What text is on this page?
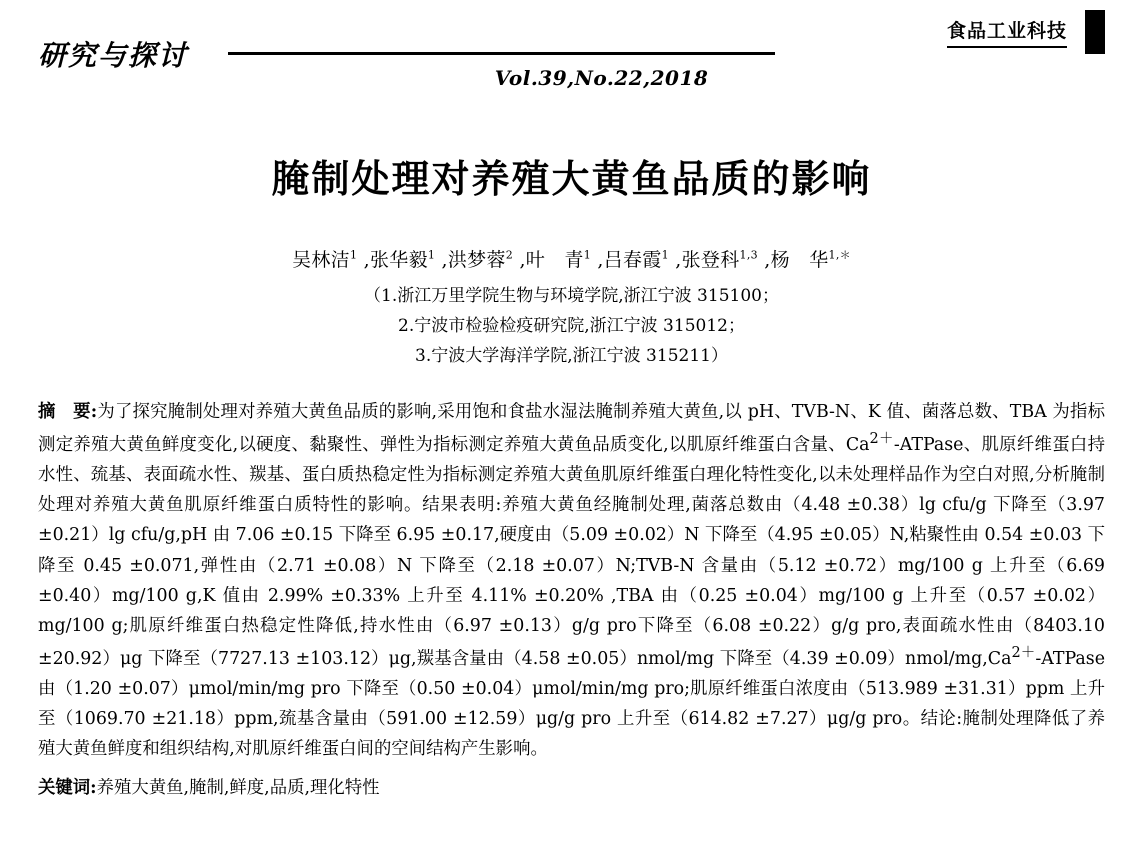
研究与探讨
食品工业科技
Vol.39,No.22,2018
腌制处理对养殖大黄鱼品质的影响
吴林洁$^1$ ,张华毅$^1$ ,洪梦蓉$^2$ ,叶　青$^1$ ,吕春霞$^1$ ,张登科$^{1,3}$ ,杨　华$^{1,*}$
（1.浙江万里学院生物与环境学院,浙江宁波 315100；
2.宁波市检验检疫研究院,浙江宁波 315012；
3.宁波大学海洋学院,浙江宁波 315211）
摘　要:为了探究腌制处理对养殖大黄鱼品质的影响,采用饱和食盐水湿法腌制养殖大黄鱼,以 pH、TVB-N、K 值、菌落总数、TBA 为指标测定养殖大黄鱼鲜度变化,以硬度、黏聚性、弹性为指标测定养殖大黄鱼品质变化,以肌原纤维蛋白含量、$Ca^{2+}$-ATPase、肌原纤维蛋白持水性、巯基、表面疏水性、羰基、蛋白质热稳定性为指标测定养殖大黄鱼肌原纤维蛋白理化特性变化,以未处理样品作为空白对照,分析腌制处理对养殖大黄鱼肌原纤维蛋白质特性的影响。结果表明:养殖大黄鱼经腌制处理,菌落总数由（4.48 ±0.38）lg cfu/g 下降至（3.97 ±0.21）lg cfu/g,pH 由 7.06 ±0.15 下降至 6.95 ±0.17,硬度由（5.09 ±0.02）N 下降至（4.95 ±0.05）N,粘聚性由 0.54 ±0.03 下降至 0.45 ±0.071,弹性由（2.71 ±0.08）N 下降至（2.18 ±0.07）N;TVB-N 含量由（5.12 ±0.72）mg/100 g 上升至（6.69 ±0.40）mg/100 g,K 值由 2.99% ±0.33% 上升至 4.11% ±0.20% ,TBA 由（0.25 ±0.04）mg/100 g 上升至（0.57 ±0.02）mg/100 g;肌原纤维蛋白热稳定性降低,持水性由（6.97 ±0.13）g/g pro下降至（6.08 ±0.22）g/g pro,表面疏水性由（8403.10 ±20.92）μg 下降至（7727.13 ±103.12）μg,羰基含量由（4.58 ±0.05）nmol/mg 下降至$(4.39 \pm 0.09)nmol/mg,Ca^{2+}$-ATPase 由（1.20 ±0.07）μmol/min/mg pro 下降至（0.50 ±0.04）μmol/min/mg pro;肌原纤维蛋白浓度由（513.989 ±31.31）ppm 上升至（1069.70 ±21.18）ppm,巯基含量由（591.00 ±12.59）μg/g pro 上升至（614.82 ±7.27）μg/g pro。结论:腌制处理降低了养殖大黄鱼鲜度和组织结构,对肌原纤维蛋白间的空间结构产生影响。
关键词:养殖大黄鱼,腌制,鲜度,品质,理化特性
